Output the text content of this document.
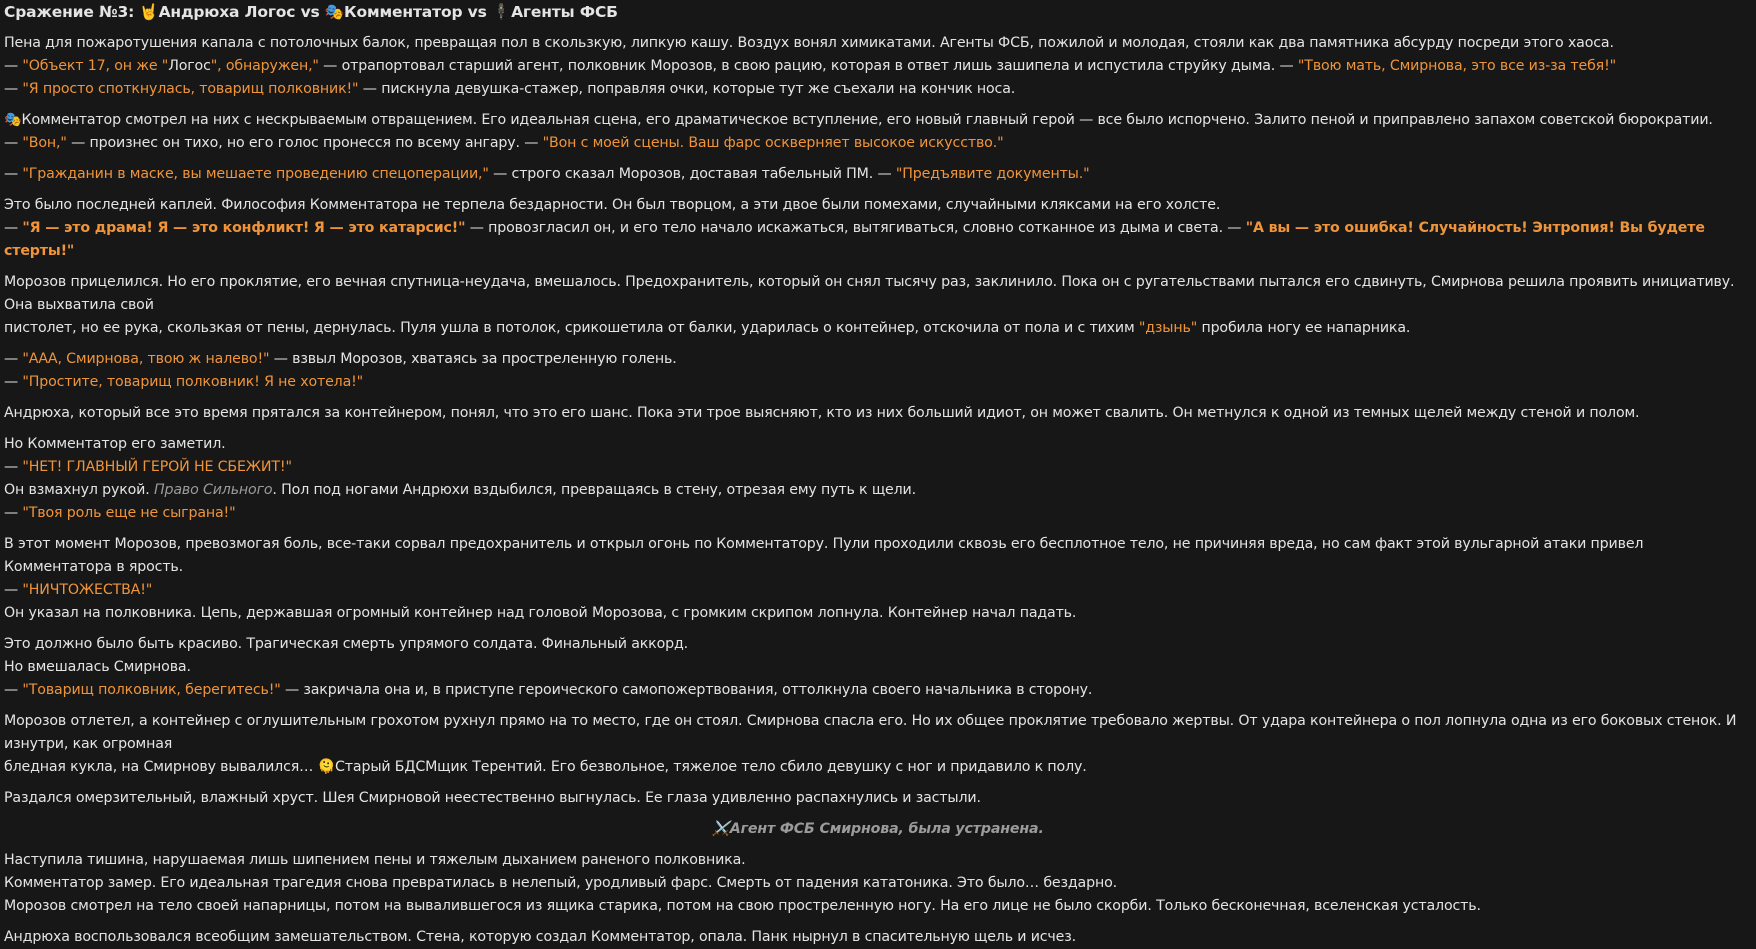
Сражение №3: 🤘Андрюха Логос vs 🎭Комментатор vs 🕴Агенты ФСБ
Пена для пожаротушения капала с потолочных балок, превращая пол в скользкую, липкую кашу. Воздух вонял химикатами. Агенты ФСБ, пожилой и молодая, стояли как два памятника абсурду посреди этого хаоса.
— "Объект 17, он же "Логос", обнаружен," — отрапортовал старший агент, полковник Морозов, в свою рацию, которая в ответ лишь зашипела и испустила струйку дыма. — "Твою мать, Смирнова, это все из-за тебя!"
— "Я просто споткнулась, товарищ полковник!" — пискнула девушка-стажер, поправляя очки, которые тут же съехали на кончик носа.
🎭Комментатор смотрел на них с нескрываемым отвращением. Его идеальная сцена, его драматическое вступление, его новый главный герой — все было испорчено. Залито пеной и приправлено запахом советской бюрократии.
— "Вон," — произнес он тихо, но его голос пронесся по всему ангару. — "Вон с моей сцены. Ваш фарс оскверняет высокое искусство."
— "Гражданин в маске, вы мешаете проведению спецоперации," — строго сказал Морозов, доставая табельный ПМ. — "Предъявите документы."
Это было последней каплей. Философия Комментатора не терпела бездарности. Он был творцом, а эти двое были помехами, случайными кляксами на его холсте.
— "Я — это драма! Я — это конфликт! Я — это катарсис!" — провозгласил он, и его тело начало искажаться, вытягиваться, словно сотканное из дыма и света. — "А вы — это ошибка! Случайность! Энтропия! Вы будете стерты!"
Морозов прицелился. Но его проклятие, его вечная спутница-неудача, вмешалось. Предохранитель, который он снял тысячу раз, заклинило. Пока он с ругательствами пытался его сдвинуть, Смирнова решила проявить инициативу. Она выхватила свой
пистолет, но ее рука, скользкая от пены, дернулась. Пуля ушла в потолок, срикошетила от балки, ударилась о контейнер, отскочила от пола и с тихим "дзынь" пробила ногу ее напарника.
— "ААА, Смирнова, твою ж налево!" — взвыл Морозов, хватаясь за простреленную голень.
— "Простите, товарищ полковник! Я не хотела!"
Андрюха, который все это время прятался за контейнером, понял, что это его шанс. Пока эти трое выясняют, кто из них больший идиот, он может свалить. Он метнулся к одной из темных щелей между стеной и полом.
Но Комментатор его заметил.
— "НЕТ! ГЛАВНЫЙ ГЕРОЙ НЕ СБЕЖИТ!"
Он взмахнул рукой. Право Сильного. Пол под ногами Андрюхи вздыбился, превращаясь в стену, отрезая ему путь к щели.
— "Твоя роль еще не сыграна!"
В этот момент Морозов, превозмогая боль, все-таки сорвал предохранитель и открыл огонь по Комментатору. Пули проходили сквозь его бесплотное тело, не причиняя вреда, но сам факт этой вульгарной атаки привел Комментатора в ярость.
— "НИЧТОЖЕСТВА!"
Он указал на полковника. Цепь, державшая огромный контейнер над головой Морозова, с громким скрипом лопнула. Контейнер начал падать.
Это должно было быть красиво. Трагическая смерть упрямого солдата. Финальный аккорд.
Но вмешалась Смирнова.
— "Товарищ полковник, берегитесь!" — закричала она и, в приступе героического самопожертвования, оттолкнула своего начальника в сторону.
Морозов отлетел, а контейнер с оглушительным грохотом рухнул прямо на то место, где он стоял. Смирнова спасла его. Но их общее проклятие требовало жертвы. От удара контейнера о пол лопнула одна из его боковых стенок. И изнутри, как огромная
бледная кукла, на Смирнову вывалился… 🫠Старый БДСМщик Терентий. Его безвольное, тяжелое тело сбило девушку с ног и придавило к полу.
Раздался омерзительный, влажный хруст. Шея Смирновой неестественно выгнулась. Ее глаза удивленно распахнулись и застыли.
⚔️Агент ФСБ Смирнова, была устранена.
Наступила тишина, нарушаемая лишь шипением пены и тяжелым дыханием раненого полковника.
Комментатор замер. Его идеальная трагедия снова превратилась в нелепый, уродливый фарс. Смерть от падения кататоника. Это было… бездарно.
Морозов смотрел на тело своей напарницы, потом на вывалившегося из ящика старика, потом на свою простреленную ногу. На его лице не было скорби. Только бесконечная, вселенская усталость.
Андрюха воспользовался всеобщим замешательством. Стена, которую создал Комментатор, опала. Панк нырнул в спасительную щель и исчез.
